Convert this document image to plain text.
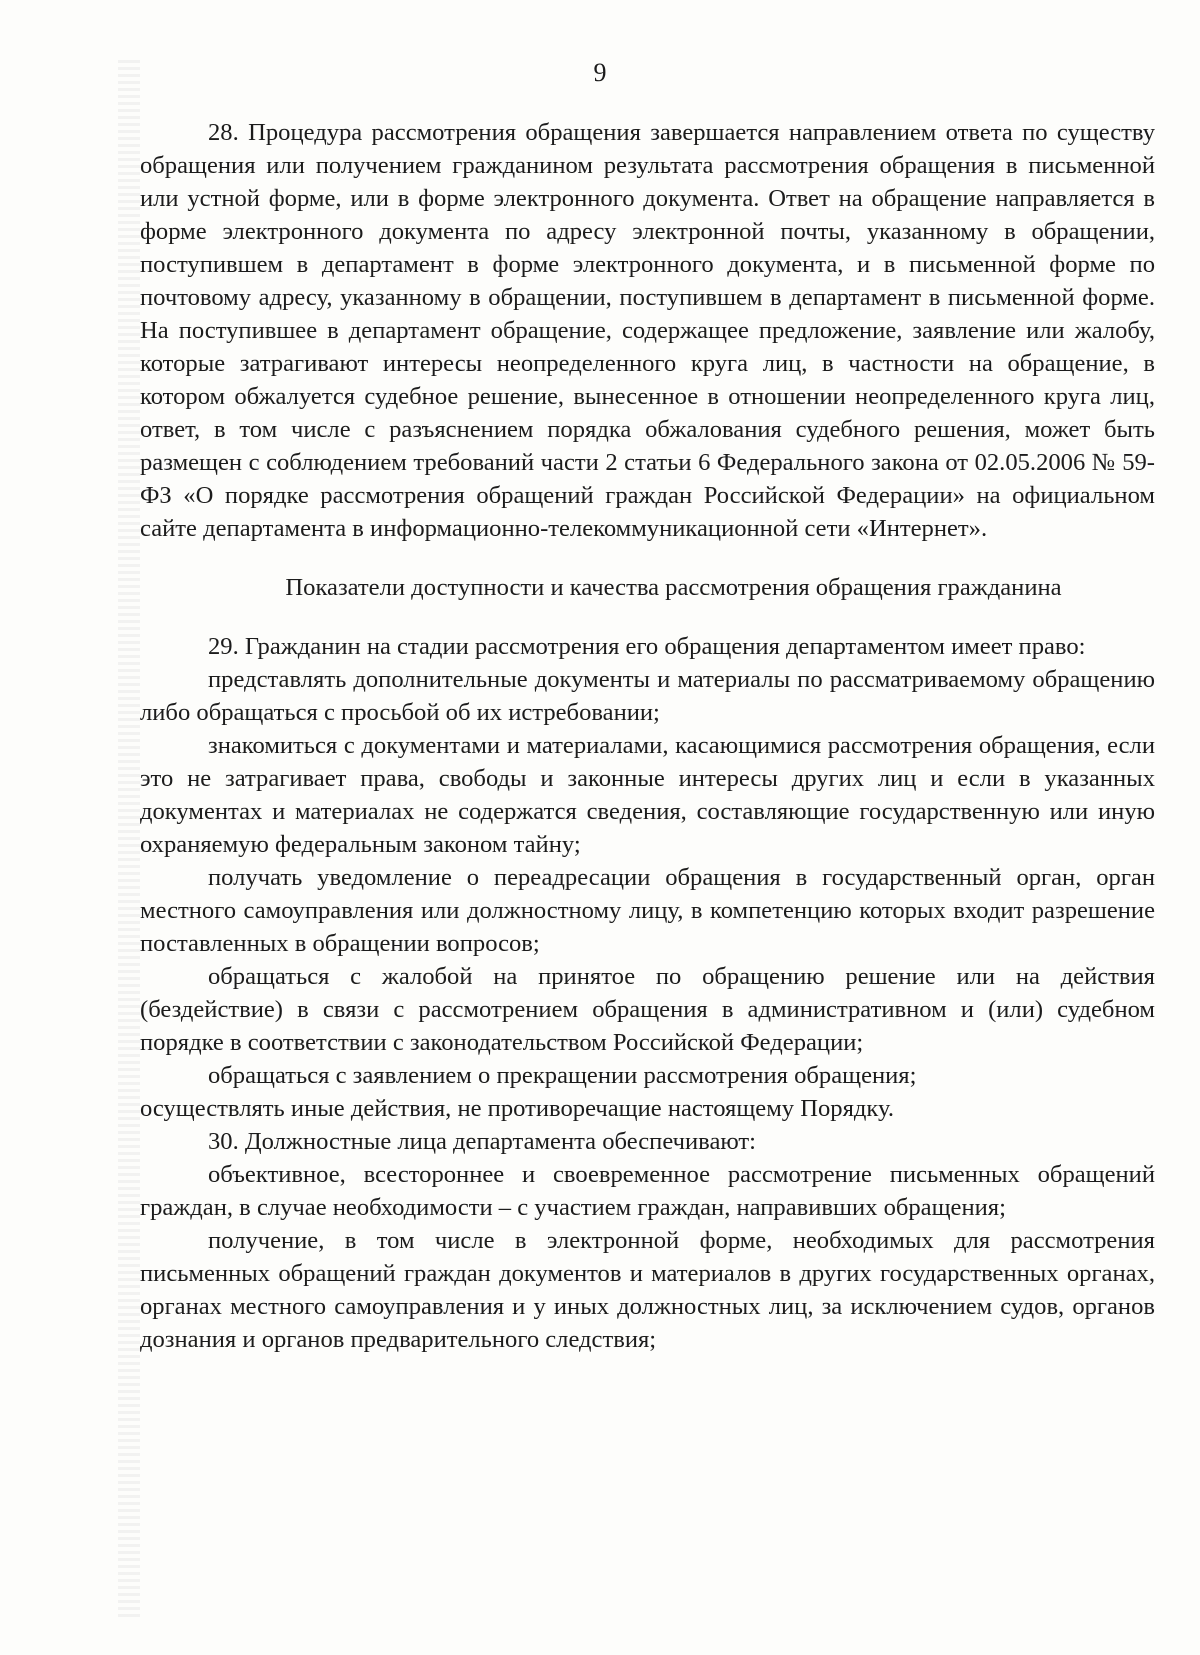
9

28. Процедура рассмотрения обращения завершается направлением ответа по существу обращения или получением гражданином результата рассмотрения обращения в письменной или устной форме, или в форме электронного документа. Ответ на обращение направляется в форме электронного документа по адресу электронной почты, указанному в обращении, поступившем в департамент в форме электронного документа, и в письменной форме по почтовому адресу, указанному в обращении, поступившем в департамент в письменной форме. На поступившее в департамент обращение, содержащее предложение, заявление или жалобу, которые затрагивают интересы неопределенного круга лиц, в частности на обращение, в котором обжалуется судебное решение, вынесенное в отношении неопределенного круга лиц, ответ, в том числе с разъяснением порядка обжалования судебного решения, может быть размещен с соблюдением требований части 2 статьи 6 Федерального закона от 02.05.2006 № 59-ФЗ «О порядке рассмотрения обращений граждан Российской Федерации» на официальном сайте департамента в информационно-телекоммуникационной сети «Интернет».

Показатели доступности и качества рассмотрения обращения гражданина

29. Гражданин на стадии рассмотрения его обращения департаментом имеет право:

представлять дополнительные документы и материалы по рассматриваемому обращению либо обращаться с просьбой об их истребовании;

знакомиться с документами и материалами, касающимися рассмотрения обращения, если это не затрагивает права, свободы и законные интересы других лиц и если в указанных документах и материалах не содержатся сведения, составляющие государственную или иную охраняемую федеральным законом тайну;

получать уведомление о переадресации обращения в государственный орган, орган местного самоуправления или должностному лицу, в компетенцию которых входит разрешение поставленных в обращении вопросов;

обращаться с жалобой на принятое по обращению решение или на действия (бездействие) в связи с рассмотрением обращения в административном и (или) судебном порядке в соответствии с законодательством Российской Федерации;

обращаться с заявлением о прекращении рассмотрения обращения;

осуществлять иные действия, не противоречащие настоящему Порядку.

30. Должностные лица департамента обеспечивают:

объективное, всестороннее и своевременное рассмотрение письменных обращений граждан, в случае необходимости – с участием граждан, направивших обращения;

получение, в том числе в электронной форме, необходимых для рассмотрения письменных обращений граждан документов и материалов в других государственных органах, органах местного самоуправления и у иных должностных лиц, за исключением судов, органов дознания и органов предварительного следствия;
